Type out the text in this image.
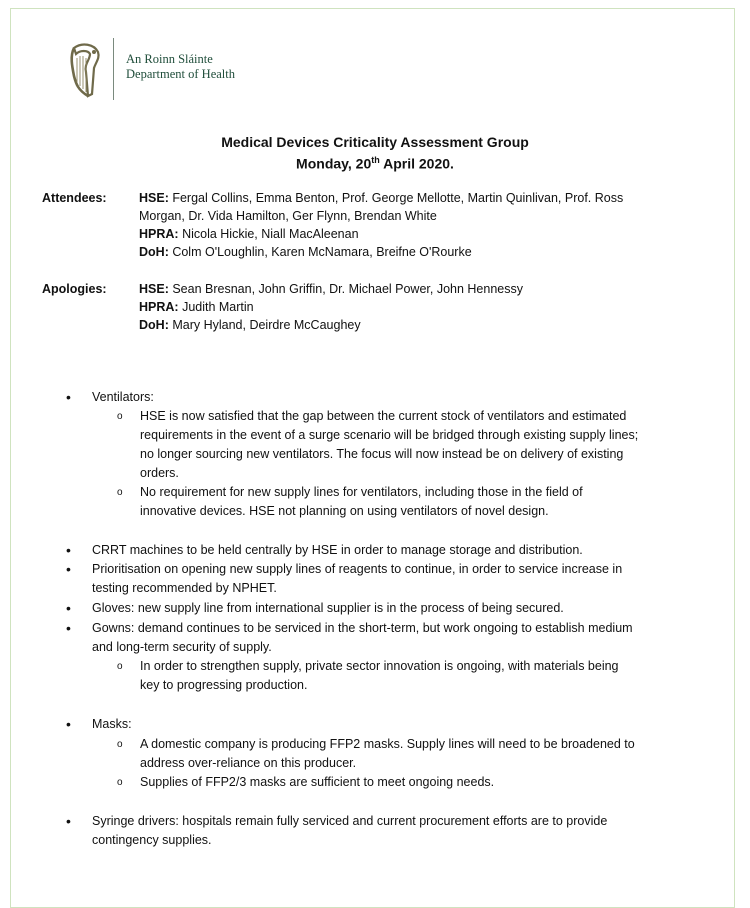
An Roinn Sláinte
Department of Health
Medical Devices Criticality Assessment Group
Monday, 20th April 2020.
Attendees:	HSE: Fergal Collins, Emma Benton, Prof. George Mellotte, Martin Quinlivan, Prof. Ross
Morgan, Dr. Vida Hamilton, Ger Flynn, Brendan White
HPRA: Nicola Hickie, Niall MacAleenan
DoH: Colm O'Loughlin, Karen McNamara, Breifne O'Rourke
Apologies:	HSE: Sean Bresnan, John Griffin, Dr. Michael Power, John Hennessy
HPRA: Judith Martin
DoH: Mary Hyland, Deirdre McCaughey
• Ventilators:
o HSE is now satisfied that the gap between the current stock of ventilators and estimated
requirements in the event of a surge scenario will be bridged through existing supply lines;
no longer sourcing new ventilators. The focus will now instead be on delivery of existing
orders.
o No requirement for new supply lines for ventilators, including those in the field of
innovative devices. HSE not planning on using ventilators of novel design.
• CRRT machines to be held centrally by HSE in order to manage storage and distribution.
• Prioritisation on opening new supply lines of reagents to continue, in order to service increase in
testing recommended by NPHET.
• Gloves: new supply line from international supplier is in the process of being secured.
• Gowns: demand continues to be serviced in the short-term, but work ongoing to establish medium
and long-term security of supply.
o In order to strengthen supply, private sector innovation is ongoing, with materials being
key to progressing production.
• Masks:
o A domestic company is producing FFP2 masks. Supply lines will need to be broadened to
address over-reliance on this producer.
o Supplies of FFP2/3 masks are sufficient to meet ongoing needs.
• Syringe drivers: hospitals remain fully serviced and current procurement efforts are to provide
contingency supplies.
